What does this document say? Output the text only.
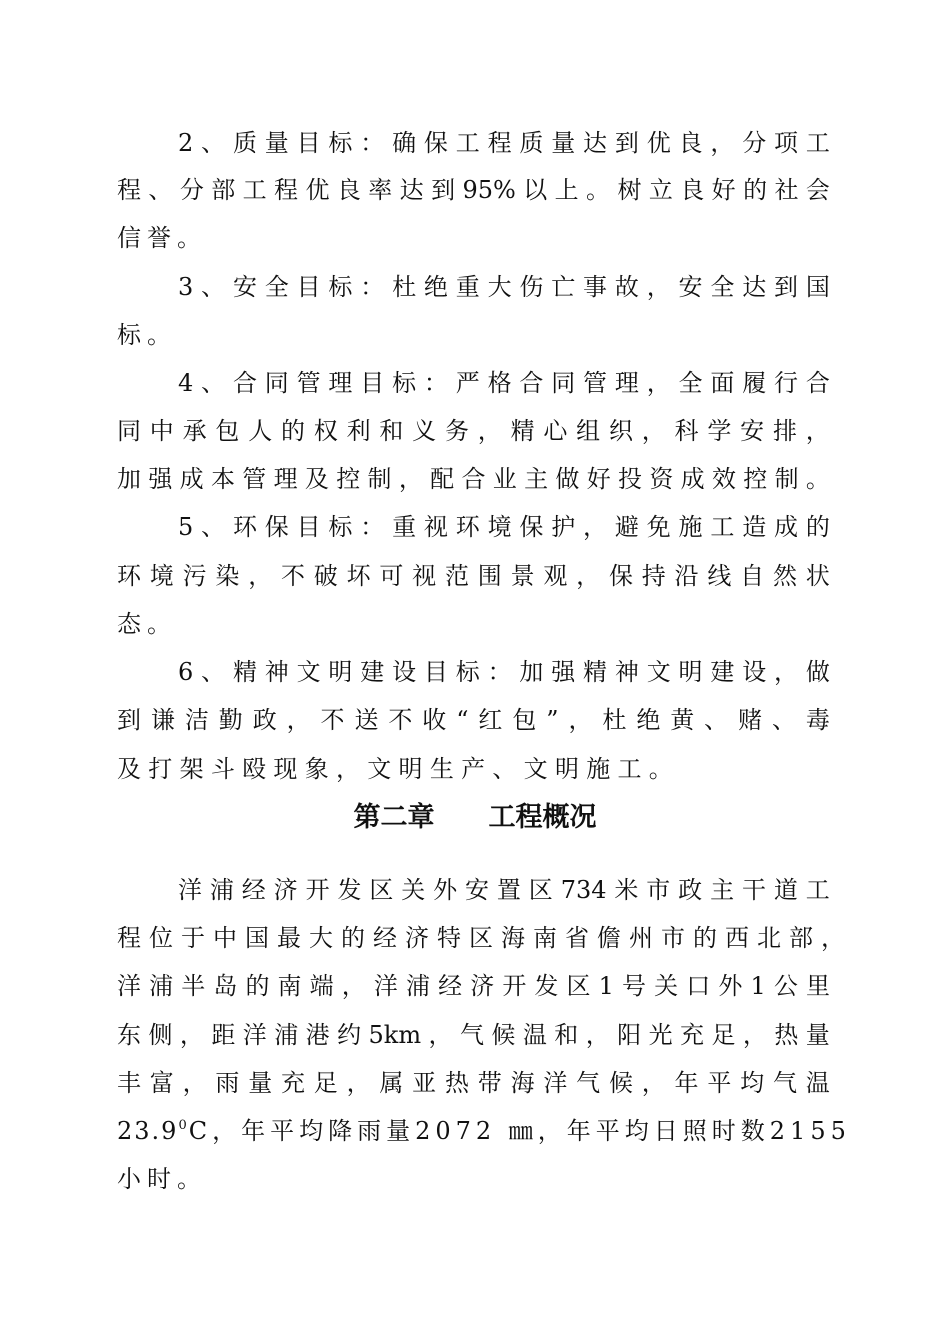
2 、 质 量 目 标 ： 确 保 工 程 质 量 达 到 优 良 ， 分 项 工
程 、 分 部 工 程 优 良 率 达 到 95% 以 上 。 树 立 良 好 的 社 会
信誉。
3 、 安 全 目 标 ： 杜 绝 重 大 伤 亡 事 故 ， 安 全 达 到 国
标。
4 、 合 同 管 理 目 标 ： 严 格 合 同 管 理 ， 全 面 履 行 合
同 中 承 包 人 的 权 利 和 义 务 ， 精 心 组 织 ， 科 学 安 排 ，
加 强 成 本 管 理 及 控 制 ， 配 合 业 主 做 好 投 资 成 效 控 制 。
5 、 环 保 目 标 ： 重 视 环 境 保 护 ， 避 免 施 工 造 成 的
环 境 污 染 ， 不 破 坏 可 视 范 围 景 观 ， 保 持 沿 线 自 然 状
态。
6 、 精 神 文 明 建 设 目 标 ： 加 强 精 神 文 明 建 设 ， 做
到 谦 洁 勤 政 ， 不 送 不 收 “ 红 包 ” ， 杜 绝 黄 、 赌 、 毒
及 打 架 斗 殴 现 象 ， 文 明 生 产 、 文 明 施 工 。
第二章　　工程概况
洋 浦 经 济 开 发 区 关 外 安 置 区 734 米 市 政 主 干 道 工
程 位 于 中 国 最 大 的 经 济 特 区 海 南 省 儋 州 市 的 西 北 部 ，
洋 浦 半 岛 的 南 端 ， 洋 浦 经 济 开 发 区 1 号 关 口 外 1 公 里
东 侧 ， 距 洋 浦 港 约 5km ， 气 候 温 和 ， 阳 光 充 足 ， 热 量
丰 富 ， 雨 量 充 足 ， 属 亚 热 带 海 洋 气 候 ， 年 平 均 气 温
23.9$^0$C，年平均降雨量2072 ㎜，年平均日照时数2155
小时。
